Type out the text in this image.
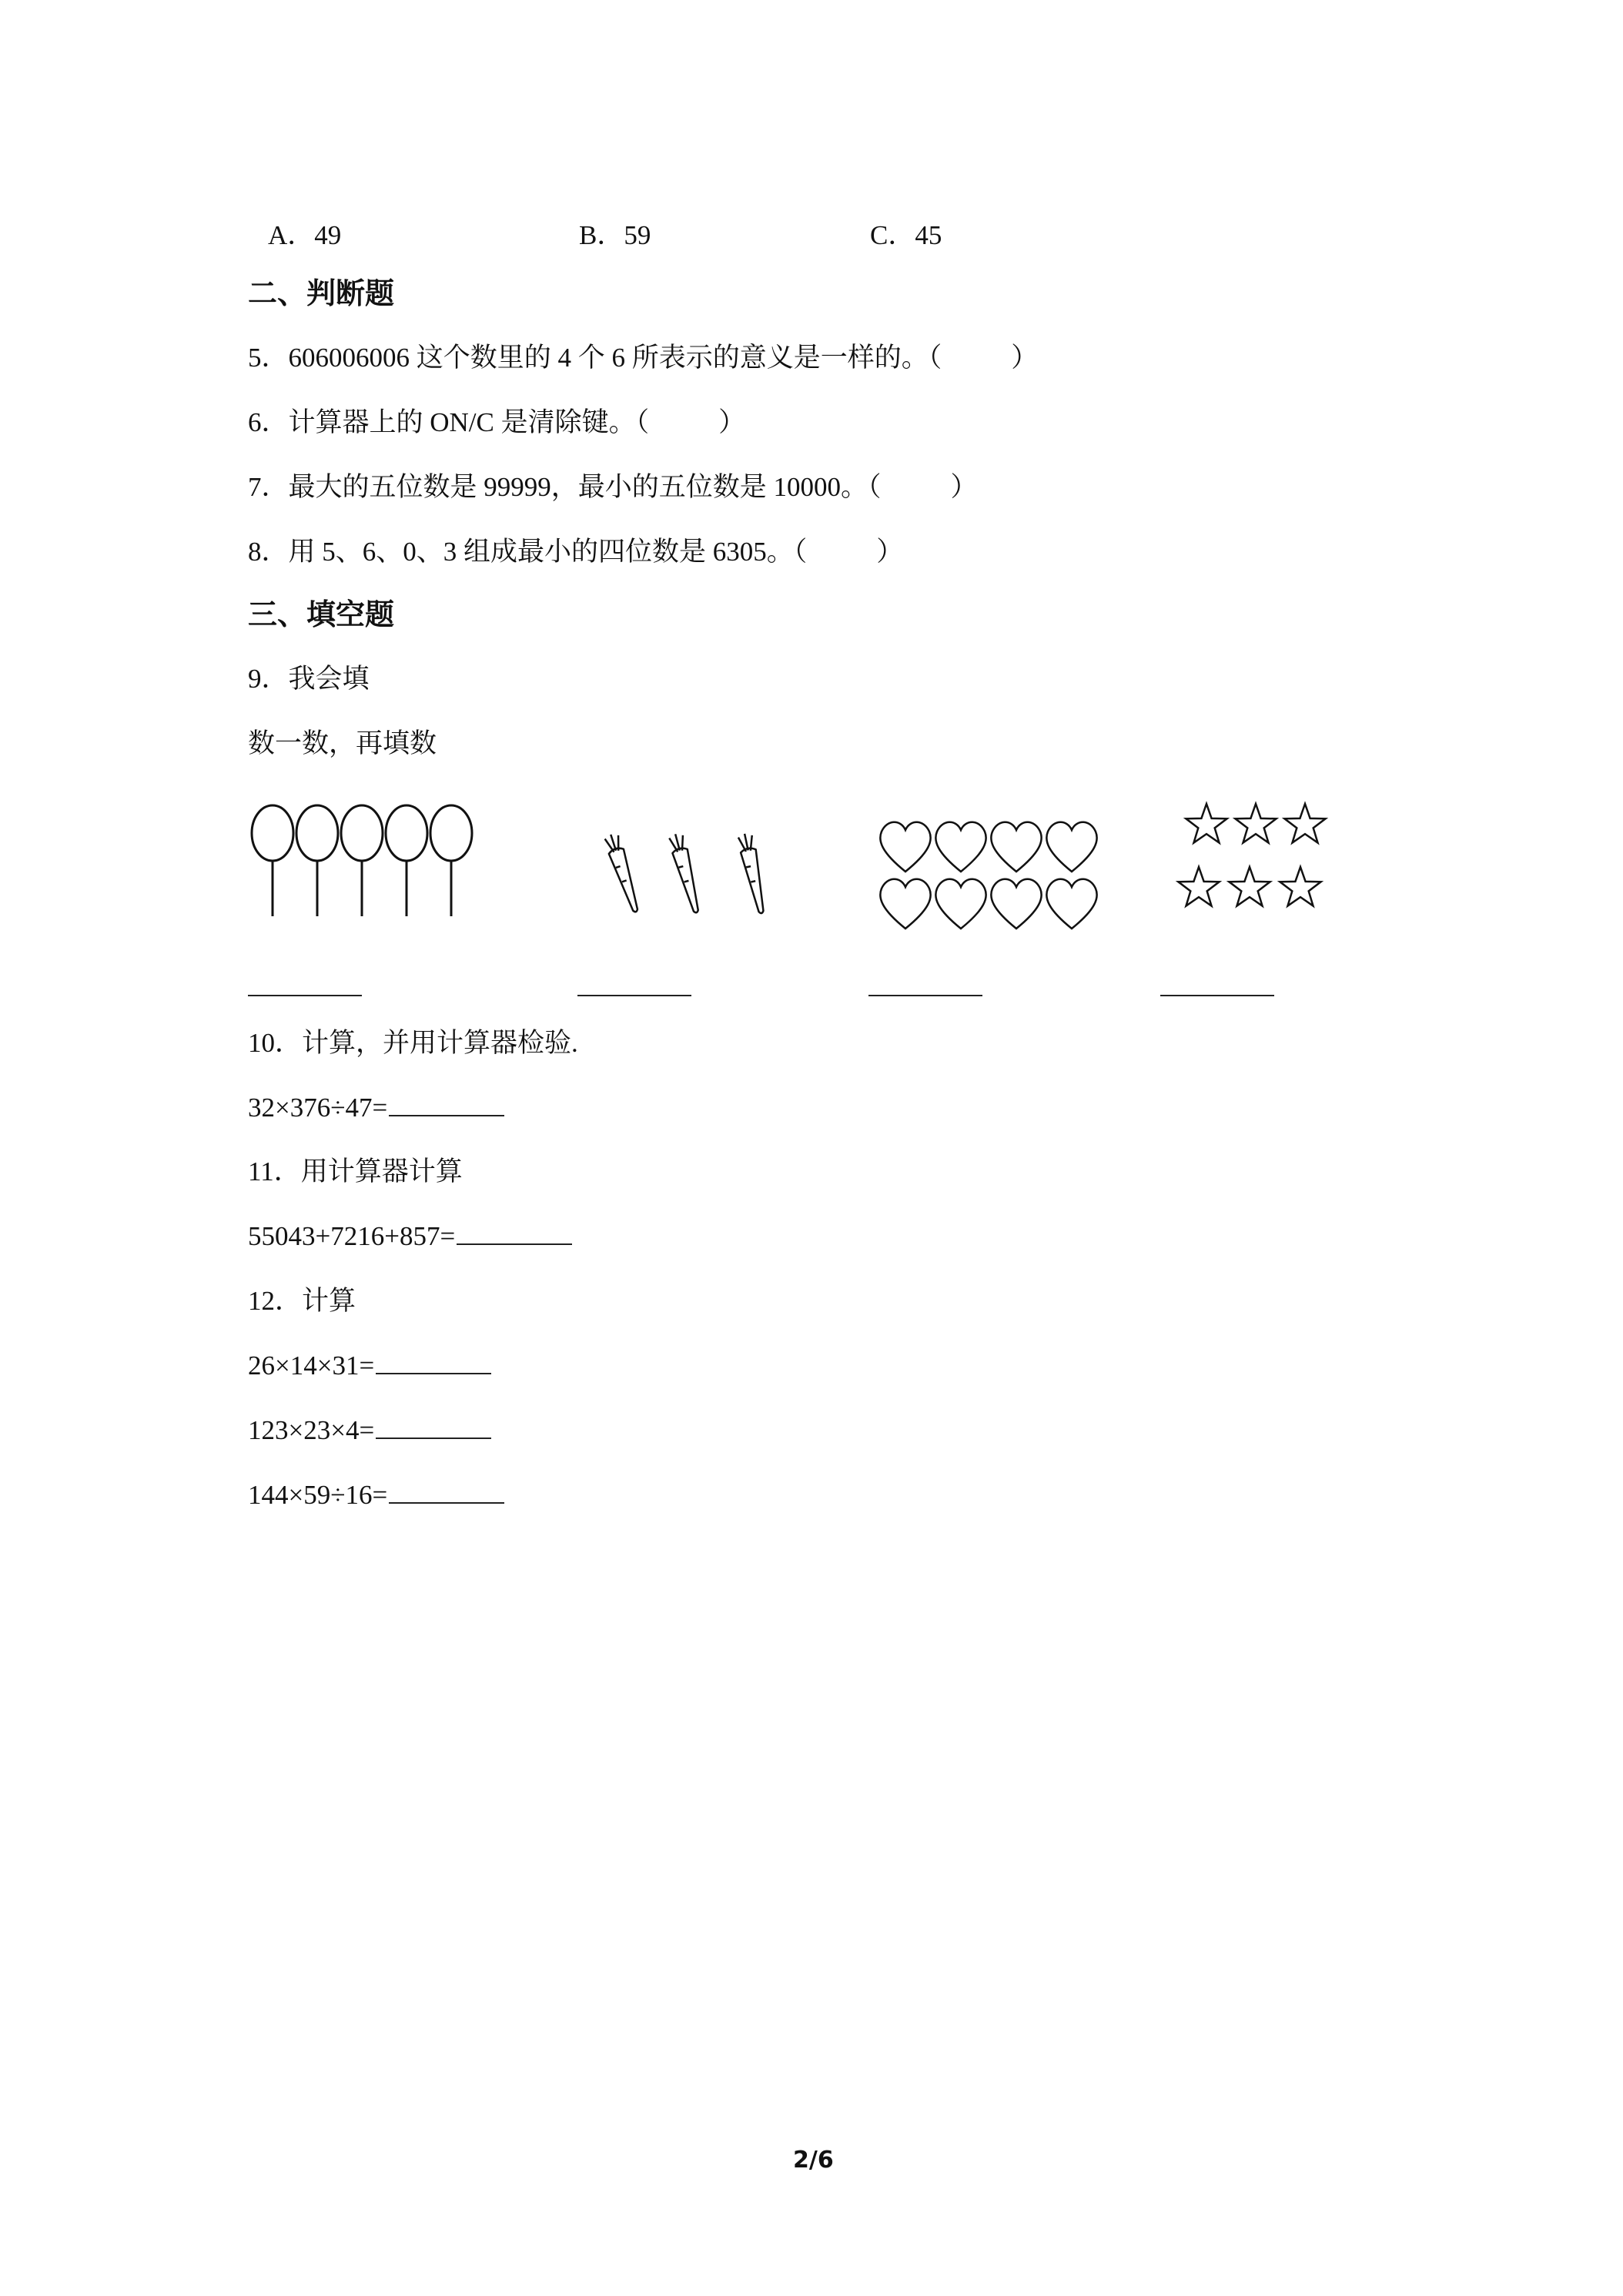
A．49	B．59	C．45
二、判断题
5．606006006 这个数里的 4 个 6 所表示的意义是一样的。（	）
6．计算器上的 ON/C 是清除键。（	）
7．最大的五位数是 99999，最小的五位数是 10000。（	）
8．用 5、6、0、3 组成最小的四位数是 6305。（	）
三、填空题
9．我会填
数一数，再填数
10．计算，并用计算器检验.
32×376÷47=
11．用计算器计算
55043+7216+857=
12．计算
26×14×31=
123×23×4=
144×59÷16=
2/6
